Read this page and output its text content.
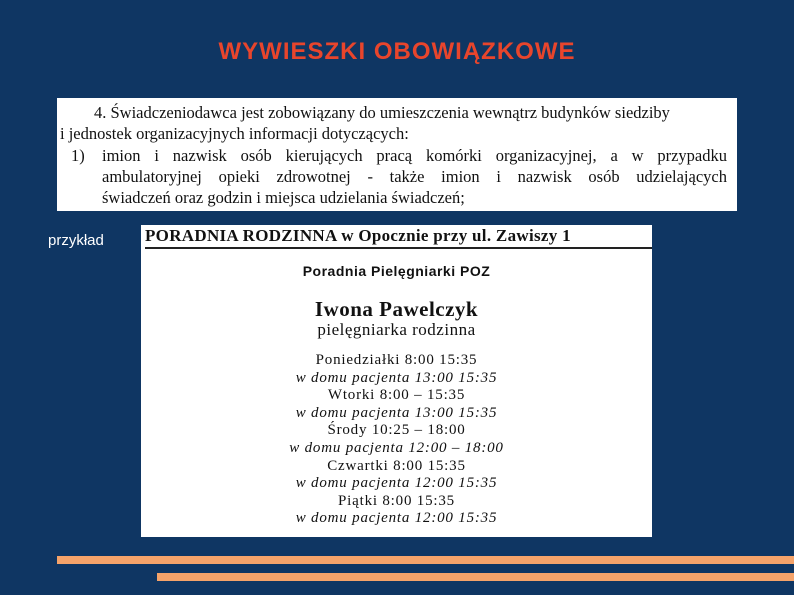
WYWIESZKI OBOWIĄZKOWE

4. Świadczeniodawca jest zobowiązany do umieszczenia wewnątrz budynków siedziby

i jednostek organizacyjnych informacji dotyczących:

1) imion i nazwisk osób kierujących pracą komórki organizacyjnej, a w przypadku

ambulatoryjnej opieki zdrowotnej - także imion i nazwisk osób udzielających

świadczeń oraz godzin i miejsca udzielania świadczeń;

przykład PORADNIA RODZINNA w Opocznie przy ul. Zawiszy 1
Poradnia Pielęgniarki POZ
Iwona Pawelczyk
pielęgniarka rodzinna
Poniedziałki 8:00 15:35
w domu pacjenta 13:00 15:35
Wtorki 8:00 – 15:35
w domu pacjenta 13:00 15:35
Środy 10:25 – 18:00
w domu pacjenta 12:00 – 18:00
Czwartki 8:00 15:35
w domu pacjenta 12:00 15:35
Piątki 8:00 15:35
w domu pacjenta 12:00 15:35
